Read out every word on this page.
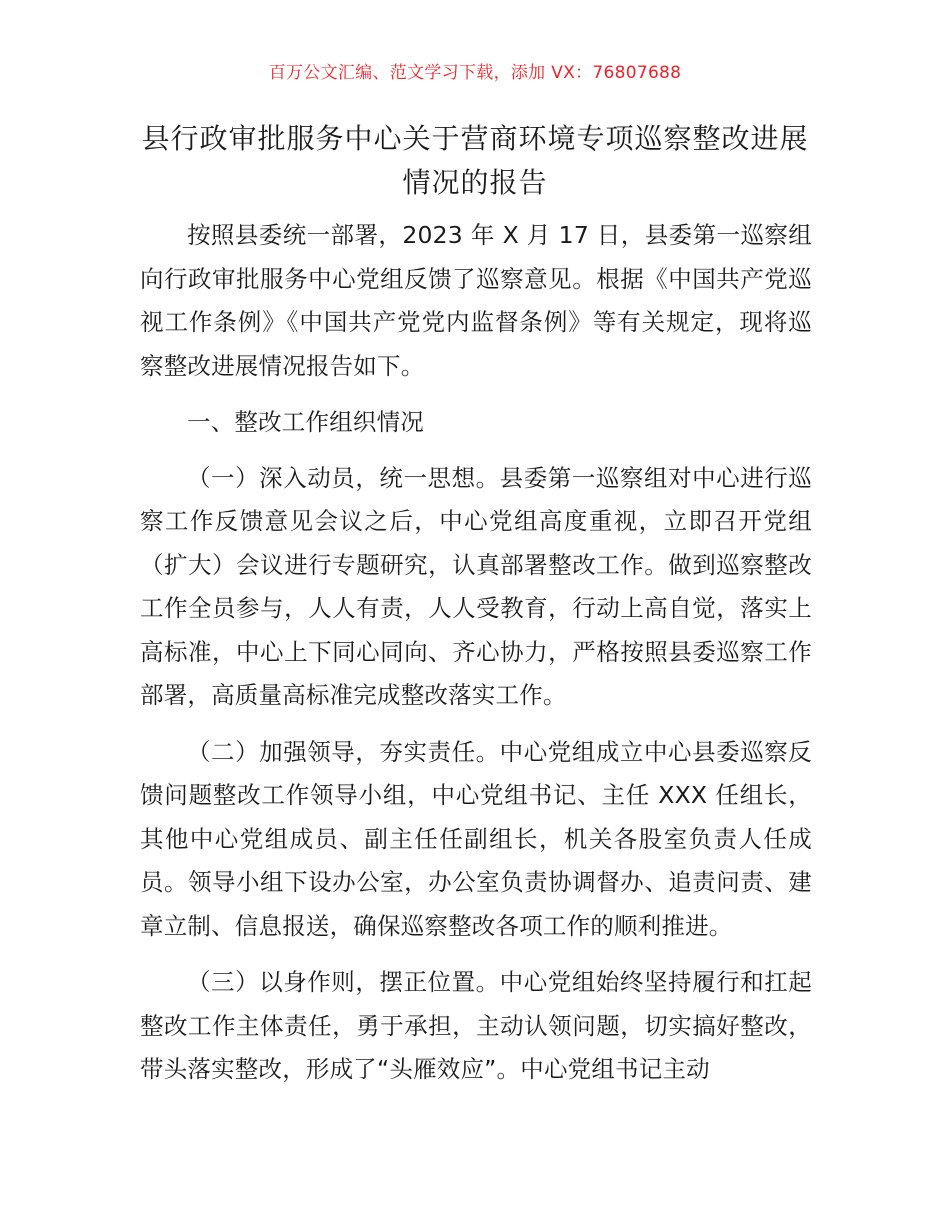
百万公文汇编、范文学习下载，添加 VX：76807688
县行政审批服务中心关于营商环境专项巡察整改进展情况的报告

按照县委统一部署，2023 年 X 月 17 日，县委第一巡察组向行政审批服务中心党组反馈了巡察意见。根据《中国共产党巡视工作条例》《中国共产党党内监督条例》等有关规定，现将巡察整改进展情况报告如下。

一、整改工作组织情况

（一）深入动员，统一思想。县委第一巡察组对中心进行巡察工作反馈意见会议之后，中心党组高度重视，立即召开党组（扩大）会议进行专题研究，认真部署整改工作。做到巡察整改工作全员参与，人人有责，人人受教育，行动上高自觉，落实上高标准，中心上下同心同向、齐心协力，严格按照县委巡察工作部署，高质量高标准完成整改落实工作。

（二）加强领导，夯实责任。中心党组成立中心县委巡察反馈问题整改工作领导小组，中心党组书记、主任 XXX 任组长，其他中心党组成员、副主任任副组长，机关各股室负责人任成员。领导小组下设办公室，办公室负责协调督办、追责问责、建章立制、信息报送，确保巡察整改各项工作的顺利推进。

（三）以身作则，摆正位置。中心党组始终坚持履行和扛起整改工作主体责任，勇于承担，主动认领问题，切实搞好整改，带头落实整改，形成了“头雁效应”。中心党组书记主动
